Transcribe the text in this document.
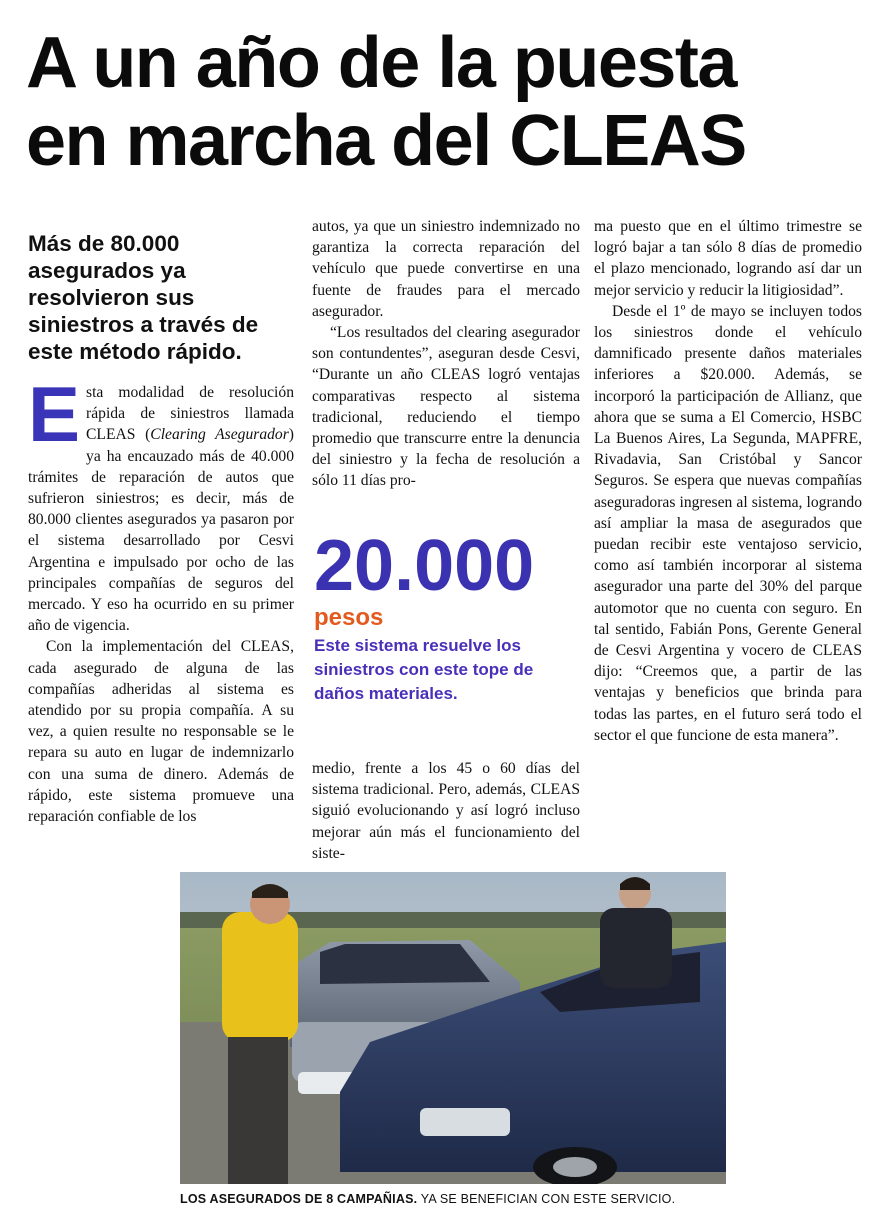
A un año de la puesta
en marcha del CLEAS
Más de 80.000 asegurados ya resolvieron sus siniestros a través de este método rápido.

Esta modalidad de resolución rápida de siniestros llamada CLEAS (Clearing Asegurador) ya ha encauzado más de 40.000 trámites de reparación de autos que sufrieron siniestros; es decir, más de 80.000 clientes asegurados ya pasaron por el sistema desarrollado por Cesvi Argentina e impulsado por ocho de las principales compañías de seguros del mercado. Y eso ha ocurrido en su primer año de vigencia.

Con la implementación del CLEAS, cada asegurado de alguna de las compañías adheridas al sistema es atendido por su propia compañía. A su vez, a quien resulte no responsable se le repara su auto en lugar de indemnizarlo con una suma de dinero. Además de rápido, este sistema promueve una reparación confiable de los

autos, ya que un siniestro indemnizado no garantiza la correcta reparación del vehículo que puede convertirse en una fuente de fraudes para el mercado asegurador.

“Los resultados del clearing asegurador son contundentes”, aseguran desde Cesvi, “Durante un año CLEAS logró ventajas comparativas respecto al sistema tradicional, reduciendo el tiempo promedio que transcurre entre la denuncia del siniestro y la fecha de resolución a sólo 11 días pro-

20.000
pesos
Este sistema resuelve los siniestros con este tope de daños materiales.

medio, frente a los 45 o 60 días del sistema tradicional. Pero, además, CLEAS siguió evolucionando y así logró incluso mejorar aún más el funcionamiento del siste-

ma puesto que en el último trimestre se logró bajar a tan sólo 8 días de promedio el plazo mencionado, logrando así dar un mejor servicio y reducir la litigiosidad”.

Desde el 1º de mayo se incluyen todos los siniestros donde el vehículo damnificado presente daños materiales inferiores a $20.000. Además, se incorporó la participación de Allianz, que ahora que se suma a El Comercio, HSBC La Buenos Aires, La Segunda, MAPFRE, Rivadavia, San Cristóbal y Sancor Seguros. Se espera que nuevas compañías aseguradoras ingresen al sistema, logrando así ampliar la masa de asegurados que puedan recibir este ventajoso servicio, como así también incorporar al sistema asegurador una parte del 30% del parque automotor que no cuenta con seguro. En tal sentido, Fabián Pons, Gerente General de Cesvi Argentina y vocero de CLEAS dijo: “Creemos que, a partir de las ventajas y beneficios que brinda para todas las partes, en el futuro será todo el sector el que funcione de esta manera”.

LOS ASEGURADOS DE 8 CAMPAÑIAS. YA SE BENEFICIAN CON ESTE SERVICIO.
